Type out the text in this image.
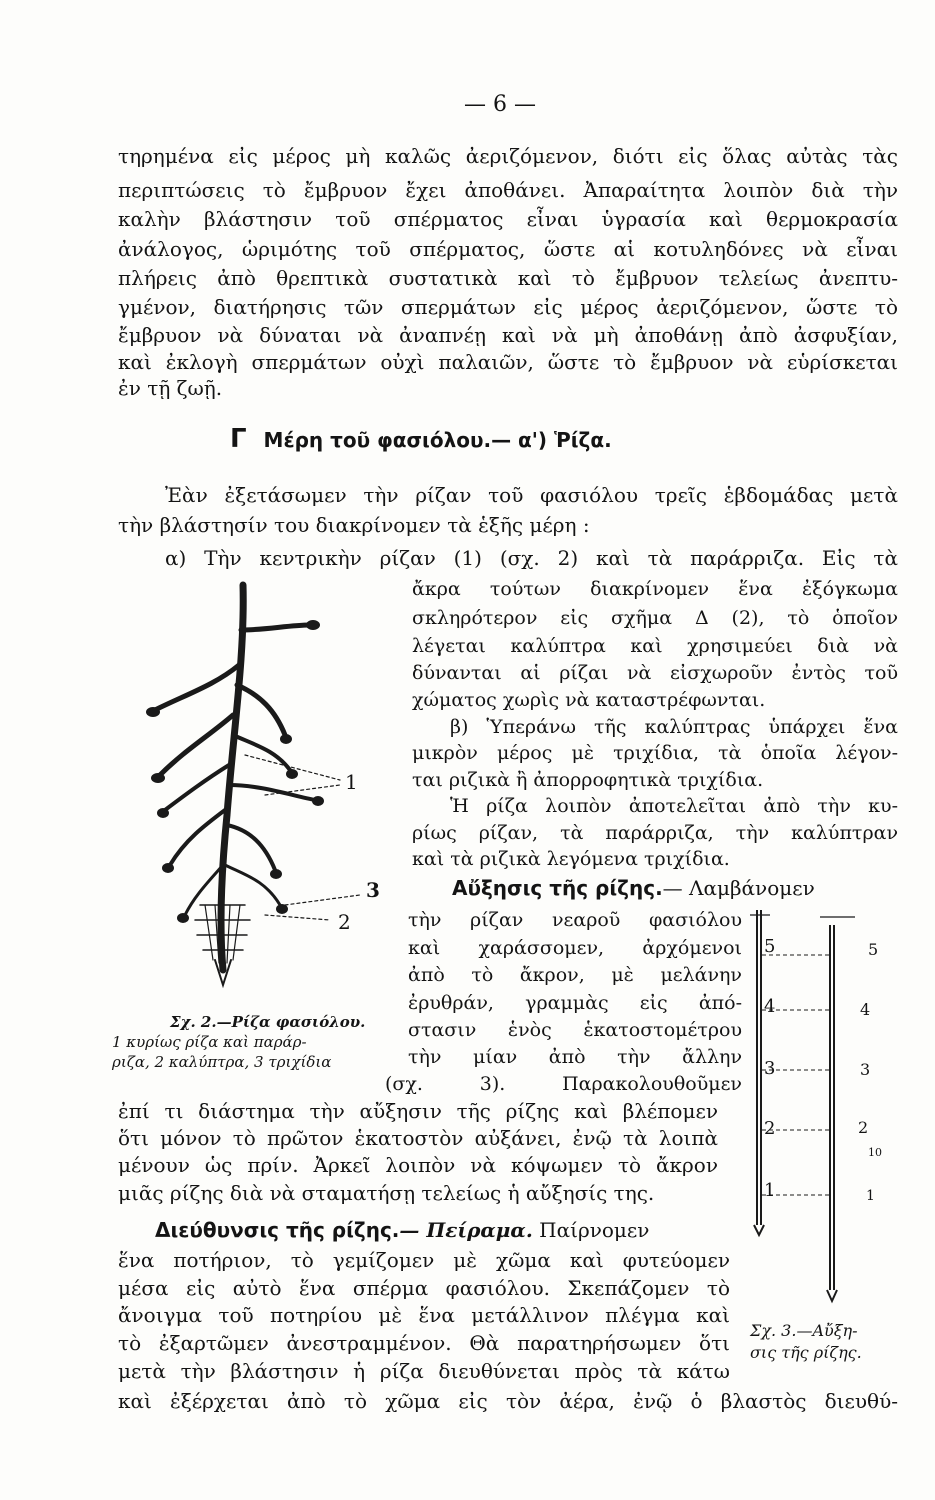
— 6 —
τηρημένα εἰς μέρος μὴ καλῶς ἀεριζόμενον, διότι εἰς ὅλας αὐτὰς τὰς
περιπτώσεις τὸ ἔμβρυον ἔχει ἀποθάνει. Ἀπαραίτητα λοιπὸν διὰ τὴν
καλὴν βλάστησιν τοῦ σπέρματος εἶναι ὑγρασία καὶ θερμοκρασία
ἀνάλογος, ὡριμότης τοῦ σπέρματος, ὥστε αἱ κοτυληδόνες νὰ εἶναι
πλήρεις ἀπὸ θρεπτικὰ συστατικὰ καὶ τὸ ἔμβρυον τελείως ἀνεπτυ-
γμένον, διατήρησις τῶν σπερμάτων εἰς μέρος ἀεριζόμενον, ὥστε τὸ
ἔμβρυον νὰ δύναται νὰ ἀναπνέῃ καὶ νὰ μὴ ἀποθάνῃ ἀπὸ ἀσφυξίαν,
καὶ ἐκλογὴ σπερμάτων οὐχὶ παλαιῶν, ὥστε τὸ ἔμβρυον νὰ εὑρίσκεται
ἐν τῇ ζωῇ.
Γ Μέρη τοῦ φασιόλου.— α') Ῥίζα.
Ἐὰν ἐξετάσωμεν τὴν ρίζαν τοῦ φασιόλου τρεῖς ἑβδομάδας μετὰ
τὴν βλάστησίν του διακρίνομεν τὰ ἑξῆς μέρη :
α) Τὴν κεντρικὴν ρίζαν (1) (σχ. 2) καὶ τὰ παράρριζα. Εἰς τὰ
ἄκρα τούτων διακρίνομεν ἕνα ἐξόγκωμα
σκληρότερον εἰς σχῆμα Δ (2), τὸ ὁποῖον
λέγεται καλύπτρα καὶ χρησιμεύει διὰ νὰ
δύνανται αἱ ρίζαι νὰ εἰσχωροῦν ἐντὸς τοῦ
χώματος χωρὶς νὰ καταστρέφωνται.
β) Ὑπεράνω τῆς καλύπτρας ὑπάρχει ἕνα
μικρὸν μέρος μὲ τριχίδια, τὰ ὁποῖα λέγον-
ται ριζικὰ ἢ ἀπορροφητικὰ τριχίδια.
Ἡ ρίζα λοιπὸν ἀποτελεῖται ἀπὸ τὴν κυ-
ρίως ρίζαν, τὰ παράρριζα, τὴν καλύπτραν
καὶ τὰ ριζικὰ λεγόμενα τριχίδια.
1
3
2
Σχ. 2.—Ρίζα φασιόλου.
1 κυρίως ρίζα καὶ παράρ-
ριζα, 2 καλύπτρα, 3 τριχίδια
Αὔξησις τῆς ρίζης.— Λαμβάνομεν
τὴν ρίζαν νεαροῦ φασιόλου
καὶ χαράσσομεν, ἀρχόμενοι
ἀπὸ τὸ ἄκρον, μὲ μελάνην
ἐρυθράν, γραμμὰς εἰς ἀπό-
στασιν ἑνὸς ἑκατοστομέτρου
τὴν μίαν ἀπὸ τὴν ἄλλην
(σχ. 3). Παρακολουθοῦμεν
ἐπί τι διάστημα τὴν αὔξησιν τῆς ρίζης καὶ βλέπομεν
ὅτι μόνον τὸ πρῶτον ἑκατοστὸν αὐξάνει, ἐνῷ τὰ λοιπὰ
μένουν ὡς πρίν. Ἀρκεῖ λοιπὸν νὰ κόψωμεν τὸ ἄκρον
μιᾶς ρίζης διὰ νὰ σταματήσῃ τελείως ἡ αὔξησίς της.
5
4
3
2
1
5
4
3
2
10
1
Σχ. 3.—Αὔξη-
σις τῆς ρίζης.
Διεύθυνσις τῆς ρίζης.— Πείραμα. Παίρνομεν
ἕνα ποτήριον, τὸ γεμίζομεν μὲ χῶμα καὶ φυτεύομεν
μέσα εἰς αὐτὸ ἕνα σπέρμα φασιόλου. Σκεπάζομεν τὸ
ἄνοιγμα τοῦ ποτηρίου μὲ ἕνα μετάλλινον πλέγμα καὶ
τὸ ἐξαρτῶμεν ἀνεστραμμένον. Θὰ παρατηρήσωμεν ὅτι
μετὰ τὴν βλάστησιν ἡ ρίζα διευθύνεται πρὸς τὰ κάτω
καὶ ἐξέρχεται ἀπὸ τὸ χῶμα εἰς τὸν ἀέρα, ἐνῷ ὁ βλαστὸς διευθύ-
